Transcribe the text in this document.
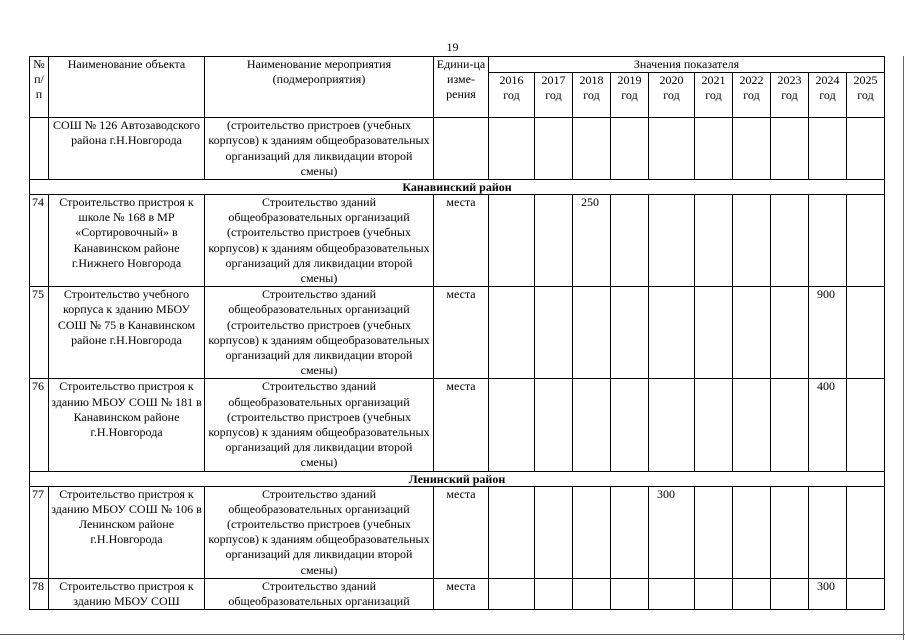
19
№ п/п	Наименование объекта	Наименование мероприятия (подмероприятия)	Едини-ца изме-рения	Значения показателя									
				2016 год	2017 год	2018 год	2019 год	2020 год	2021 год	2022 год	2023 год	2024 год	2025 год
	СОШ № 126 Автозаводского района г.Н.Новгорода	(строительство пристроев (учебных корпусов) к зданиям общеобразовательных организаций для ликвидации второй смены)											
Канавинский район													
74	Строительство пристроя к школе № 168 в МР «Сортировочный» в Канавинском районе г.Нижнего Новгорода	Строительство зданий общеобразовательных организаций (строительство пристроев (учебных корпусов) к зданиям общеобразовательных организаций для ликвидации второй смены)	места			250							
75	Строительство учебного корпуса к зданию МБОУ СОШ № 75 в Канавинском районе г.Н.Новгорода	Строительство зданий общеобразовательных организаций (строительство пристроев (учебных корпусов) к зданиям общеобразовательных организаций для ликвидации второй смены)	места									900	
76	Строительство пристроя к зданию МБОУ СОШ № 181 в Канавинском районе г.Н.Новгорода	Строительство зданий общеобразовательных организаций (строительство пристроев (учебных корпусов) к зданиям общеобразовательных организаций для ликвидации второй смены)	места									400	
Ленинский район													
77	Строительство пристроя к зданию МБОУ СОШ № 106 в Ленинском районе г.Н.Новгорода	Строительство зданий общеобразовательных организаций (строительство пристроев (учебных корпусов) к зданиям общеобразовательных организаций для ликвидации второй смены)	места					300					
78	Строительство пристроя к зданию МБОУ СОШ	Строительство зданий общеобразовательных организаций	места									300	
